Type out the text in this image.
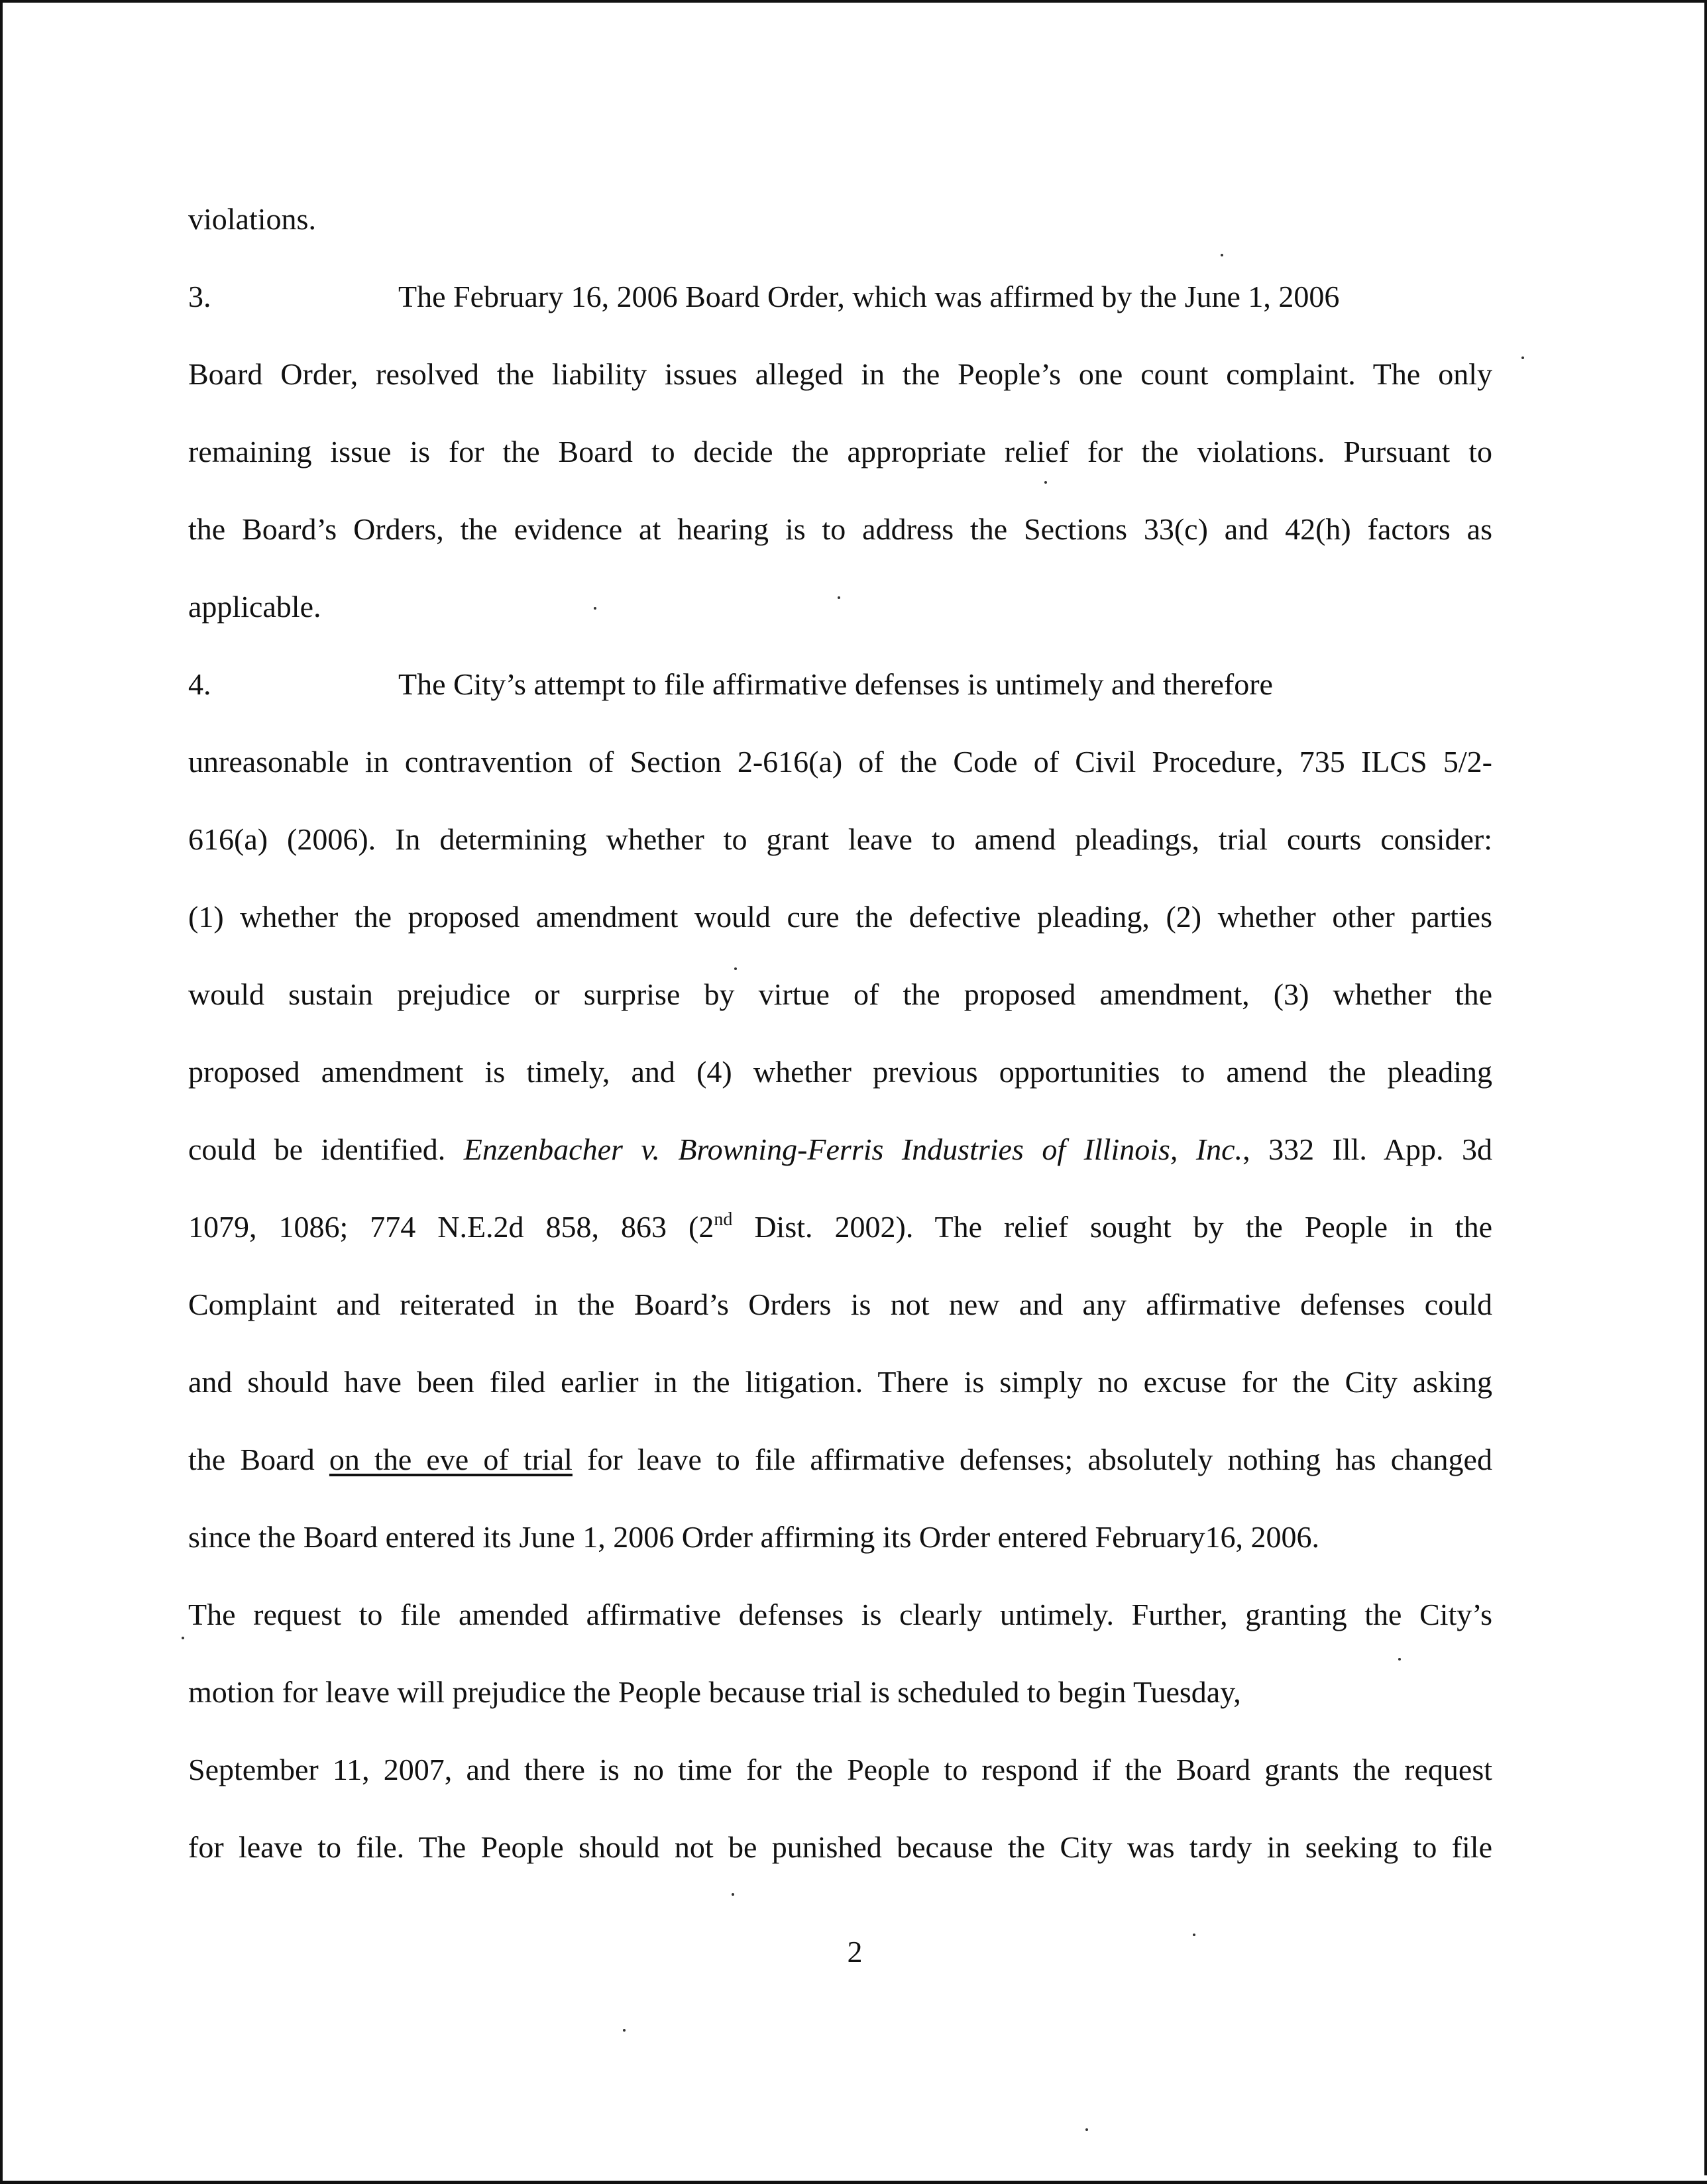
violations.
3.	The February 16, 2006 Board Order, which was affirmed by the June 1, 2006
Board Order, resolved the liability issues alleged in the People’s one count complaint. The only
remaining issue is for the Board to decide the appropriate relief for the violations. Pursuant to
the Board’s Orders, the evidence at hearing is to address the Sections 33(c) and 42(h) factors as
applicable.
4.	The City’s attempt to file affirmative defenses is untimely and therefore
unreasonable in contravention of Section 2-616(a) of the Code of Civil Procedure, 735 ILCS 5/2-
616(a) (2006). In determining whether to grant leave to amend pleadings, trial courts consider:
(1) whether the proposed amendment would cure the defective pleading, (2) whether other parties
would sustain prejudice or surprise by virtue of the proposed amendment, (3) whether the
proposed amendment is timely, and (4) whether previous opportunities to amend the pleading
could be identified. Enzenbacher v. Browning-Ferris Industries of Illinois, Inc., 332 Ill. App. 3d
1079, 1086; 774 N.E.2d 858, 863 (2nd Dist. 2002). The relief sought by the People in the
Complaint and reiterated in the Board’s Orders is not new and any affirmative defenses could
and should have been filed earlier in the litigation. There is simply no excuse for the City asking
the Board on the eve of trial for leave to file affirmative defenses; absolutely nothing has changed
since the Board entered its June 1, 2006 Order affirming its Order entered February16, 2006.
The request to file amended affirmative defenses is clearly untimely. Further, granting the City’s
motion for leave will prejudice the People because trial is scheduled to begin Tuesday,
September 11, 2007, and there is no time for the People to respond if the Board grants the request
for leave to file. The People should not be punished because the City was tardy in seeking to file
2
